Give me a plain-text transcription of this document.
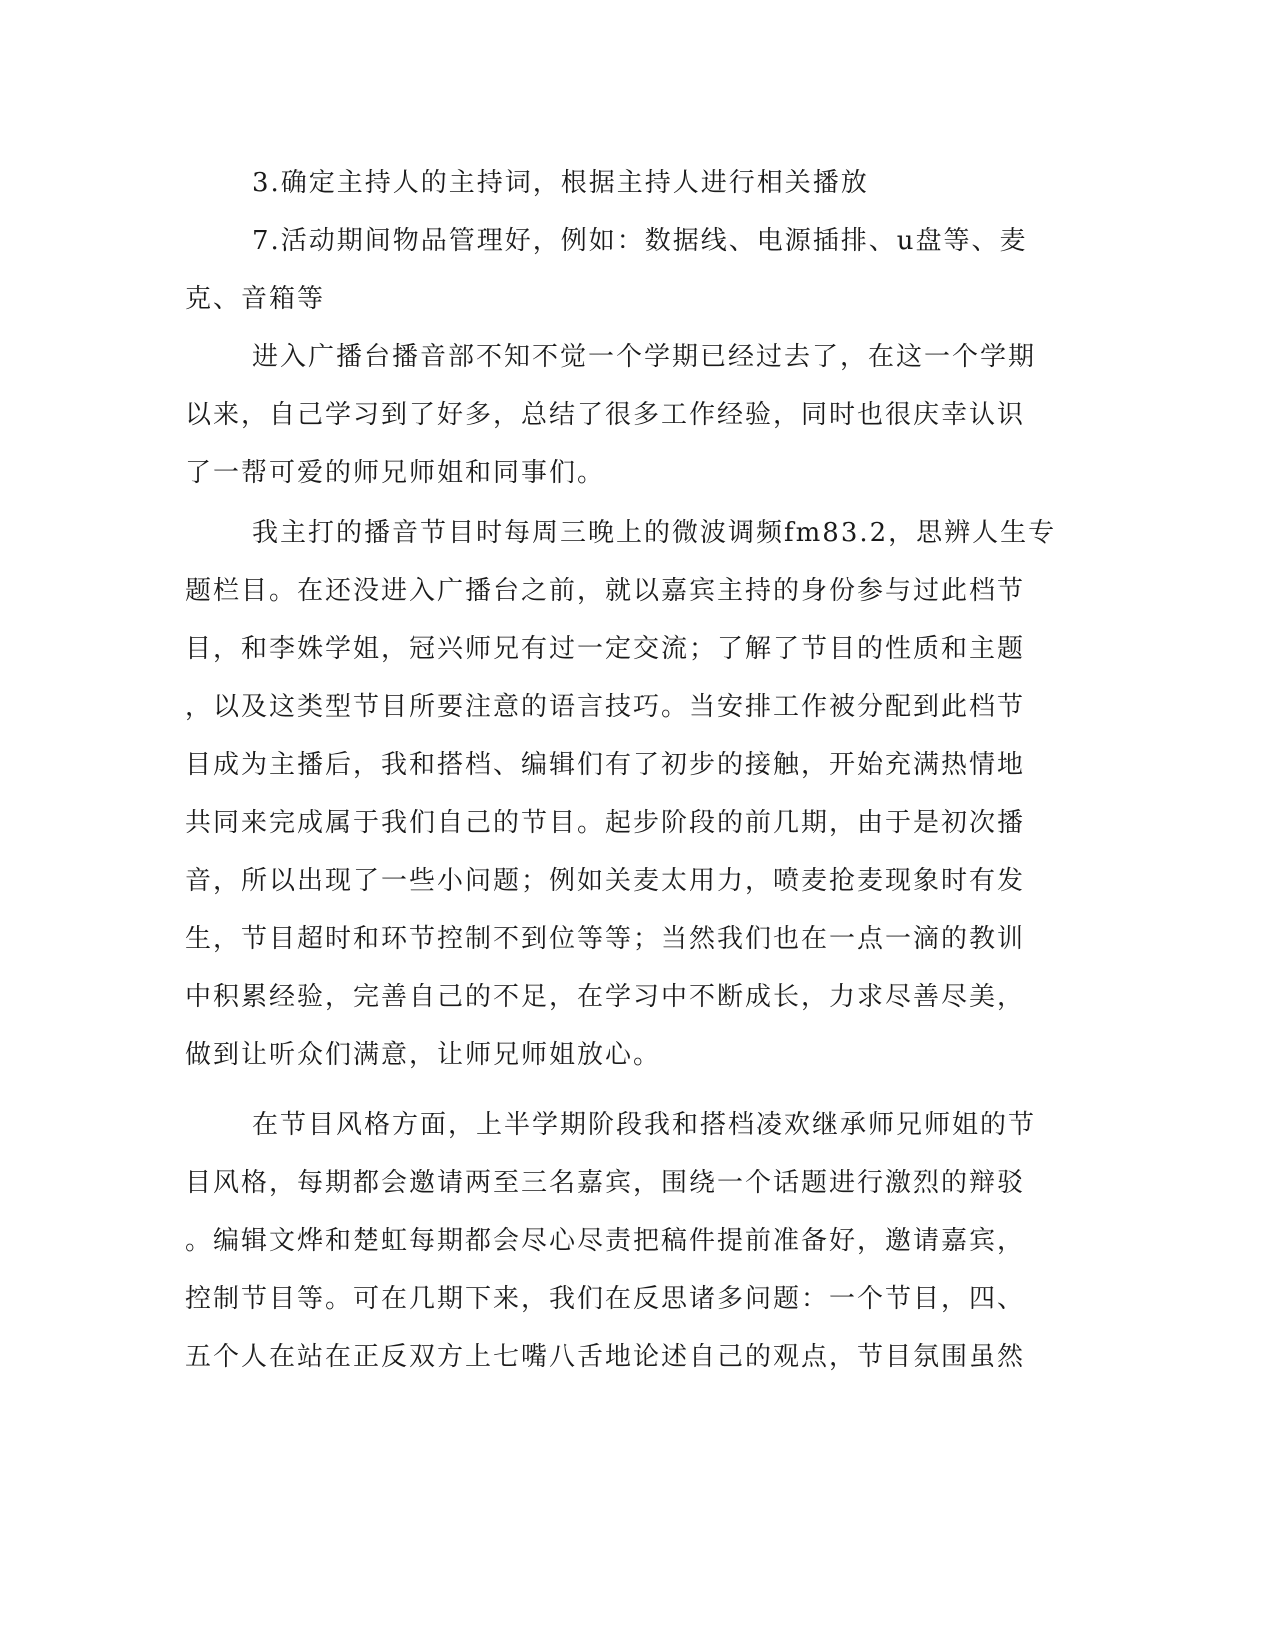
3.确定主持人的主持词，根据主持人进行相关播放

7.活动期间物品管理好，例如：数据线、电源插排、u盘等、麦

克、音箱等

进入广播台播音部不知不觉一个学期已经过去了，在这一个学期

以来，自己学习到了好多，总结了很多工作经验，同时也很庆幸认识

了一帮可爱的师兄师姐和同事们。

我主打的播音节目时每周三晚上的微波调频fm83.2，思辨人生专

题栏目。在还没进入广播台之前，就以嘉宾主持的身份参与过此档节

目，和李姝学姐，冠兴师兄有过一定交流；了解了节目的性质和主题

，以及这类型节目所要注意的语言技巧。当安排工作被分配到此档节

目成为主播后，我和搭档、编辑们有了初步的接触，开始充满热情地

共同来完成属于我们自己的节目。起步阶段的前几期，由于是初次播

音，所以出现了一些小问题；例如关麦太用力，喷麦抢麦现象时有发

生，节目超时和环节控制不到位等等；当然我们也在一点一滴的教训

中积累经验，完善自己的不足，在学习中不断成长，力求尽善尽美，

做到让听众们满意，让师兄师姐放心。

在节目风格方面，上半学期阶段我和搭档凌欢继承师兄师姐的节

目风格，每期都会邀请两至三名嘉宾，围绕一个话题进行激烈的辩驳

。编辑文烨和楚虹每期都会尽心尽责把稿件提前准备好，邀请嘉宾，

控制节目等。可在几期下来，我们在反思诸多问题：一个节目，四、

五个人在站在正反双方上七嘴八舌地论述自己的观点，节目氛围虽然
